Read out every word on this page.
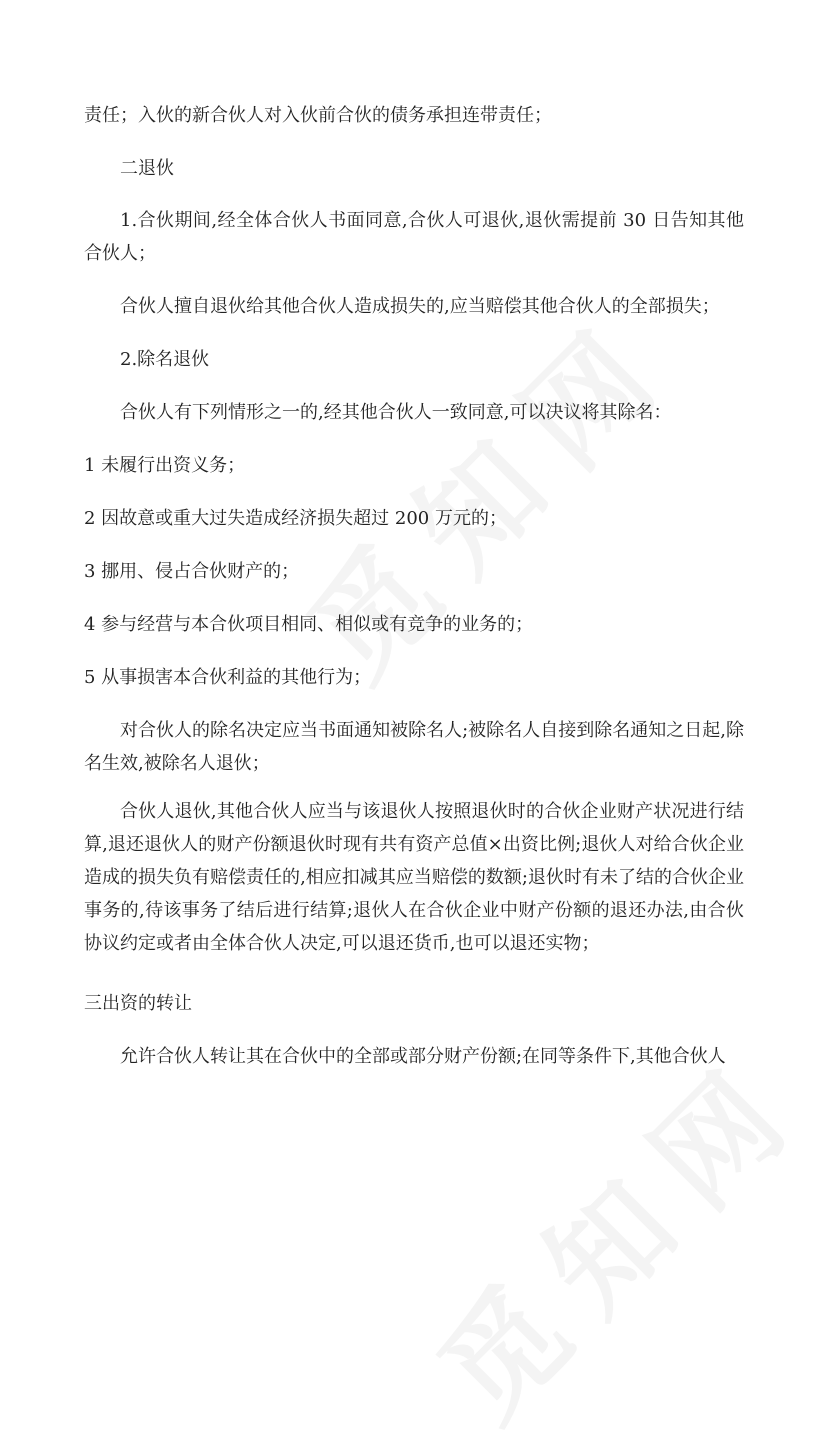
责任；入伙的新合伙人对入伙前合伙的债务承担连带责任；

二退伙

1.合伙期间,经全体合伙人书面同意,合伙人可退伙,退伙需提前 30 日告知其他合伙人；

合伙人擅自退伙给其他合伙人造成损失的,应当赔偿其他合伙人的全部损失；

2.除名退伙

合伙人有下列情形之一的,经其他合伙人一致同意,可以决议将其除名：

1 未履行出资义务；

2 因故意或重大过失造成经济损失超过 200 万元的；

3 挪用、侵占合伙财产的；

4 参与经营与本合伙项目相同、相似或有竞争的业务的；

5 从事损害本合伙利益的其他行为；

对合伙人的除名决定应当书面通知被除名人;被除名人自接到除名通知之日起,除名生效,被除名人退伙；

合伙人退伙,其他合伙人应当与该退伙人按照退伙时的合伙企业财产状况进行结算,退还退伙人的财产份额退伙时现有共有资产总值×出资比例;退伙人对给合伙企业造成的损失负有赔偿责任的,相应扣减其应当赔偿的数额;退伙时有未了结的合伙企业事务的,待该事务了结后进行结算;退伙人在合伙企业中财产份额的退还办法,由合伙协议约定或者由全体合伙人决定,可以退还货币,也可以退还实物；

三出资的转让

允许合伙人转让其在合伙中的全部或部分财产份额;在同等条件下,其他合伙人
